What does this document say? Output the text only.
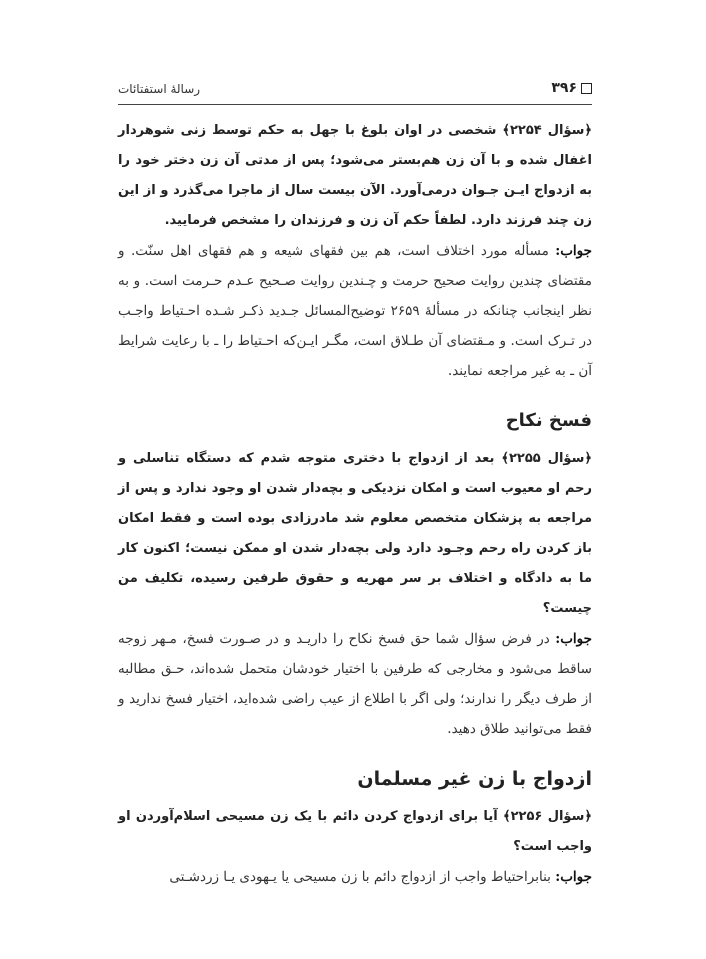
۳۹۶
رسالهٔ استفتائات

﴿سؤال ۲۲۵۴﴾ شخصی در اوان بلوغ با جهل به حکم توسط زنی شوهردار اغفال شده و با آن زن هم‌بستر می‌شود؛ پس از مدتی آن زن دختر خود را به ازدواج ایـن جـوان درمی‌آورد. الآن بیست سال از ماجرا می‌گذرد و از این زن چند فرزند دارد. لطفاً حکم آن زن و فرزندان را مشخص فرمایید.

جواب: مسأله مورد اختلاف است، هم بین فقهای شیعه و هم فقهای اهل سنّت. و مقتضای چندین روایت صحیح حرمت و چـندین روایت صـحیح عـدم حـرمت است. و به نظر اینجانب چنانکه در مسألهٔ ۲۶۵۹ توضیح‌المسائل جـدید ذکـر شـده احـتیاط واجـب در تـرک است. و مـقتضای آن طـلاق است، مگـر ایـن‌که احـتیاط را ـ با رعایت شرایط آن ـ به غیر مراجعه نمایند.

فسخ نکاح

﴿سؤال ۲۲۵۵﴾ بعد از ازدواج با دختری متوجه شدم که دستگاه تناسلی و رحم او معیوب است و امکان نزدیکی و بچه‌دار شدن او وجود ندارد و پس از مراجعه به پزشکان متخصص معلوم شد مادرزادی بوده است و فقط امکان باز کردن راه رحم وجـود دارد ولی بچه‌دار شدن او ممکن نیست؛ اکنون کار ما به دادگاه و اختلاف بر سر مهریه و حقوق طرفین رسیده، تکلیف من چیست؟

جواب: در فرض سؤال شما حق فسخ نکاح را داریـد و در صـورت فسخ، مـهر زوجه ساقط می‌شود و مخارجی که طرفین با اختیار خودشان متحمل شده‌اند، حـق مطالبه از طرف دیگر را ندارند؛ ولی اگر با اطلاع از عیب راضی شده‌اید، اختیار فسخ ندارید و فقط می‌توانید طلاق دهید.

ازدواج با زن غیر مسلمان

﴿سؤال ۲۲۵۶﴾ آیا برای ازدواج کردن دائم با یک زن مسیحی اسلام‌آوردن او واجب است؟

جواب: بنابراحتیاط واجب از ازدواج دائم با زن مسیحی یا یـهودی یـا زردشـتی
